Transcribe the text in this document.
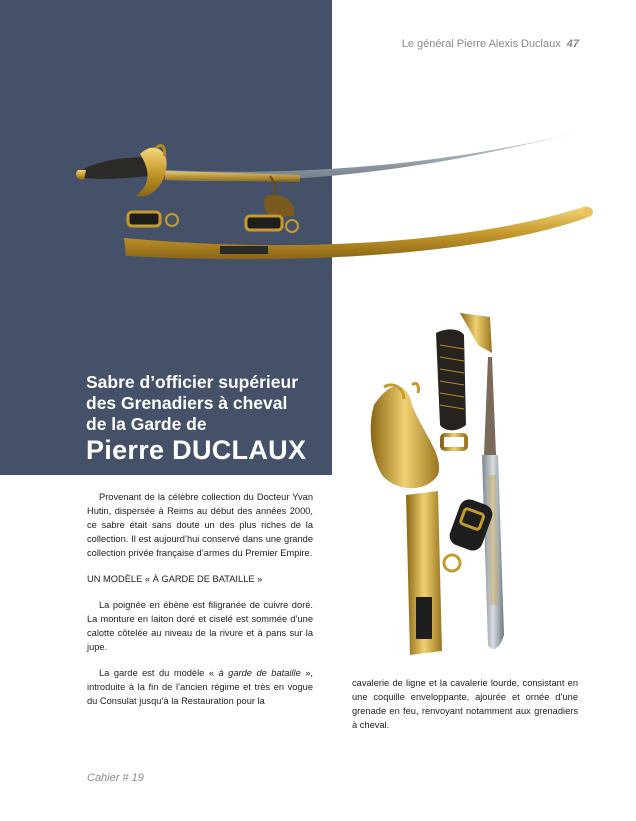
Le général Pierre Alexis Duclaux 47
Sabre d’officier supérieur
des Grenadiers à cheval
de la Garde de
Pierre DUCLAUX

Provenant de la célèbre collection du Docteur Yvan Hutin, dispersée à Reims au début des années 2000, ce sabre était sans doute un des plus riches de la collection. Il est aujourd’hui conservé dans une grande collection privée française d’armes du Premier Empire.

UN MODÈLE « À GARDE DE BATAILLE »

La poignée en ébène est filigranée de cuivre doré. La monture en laiton doré et ciselé est sommée d’une calotte côtelée au niveau de la rivure et à pans sur la jupe.

La garde est du modèle « à garde de bataille », introduite à la fin de l’ancien régime et très en vogue du Consulat jusqu’à la Restauration pour la

cavalerie de ligne et la cavalerie lourde, consistant en une coquille enveloppante, ajourée et ornée d’une grenade en feu, renvoyant notamment aux grenadiers à cheval.

Cahier # 19
